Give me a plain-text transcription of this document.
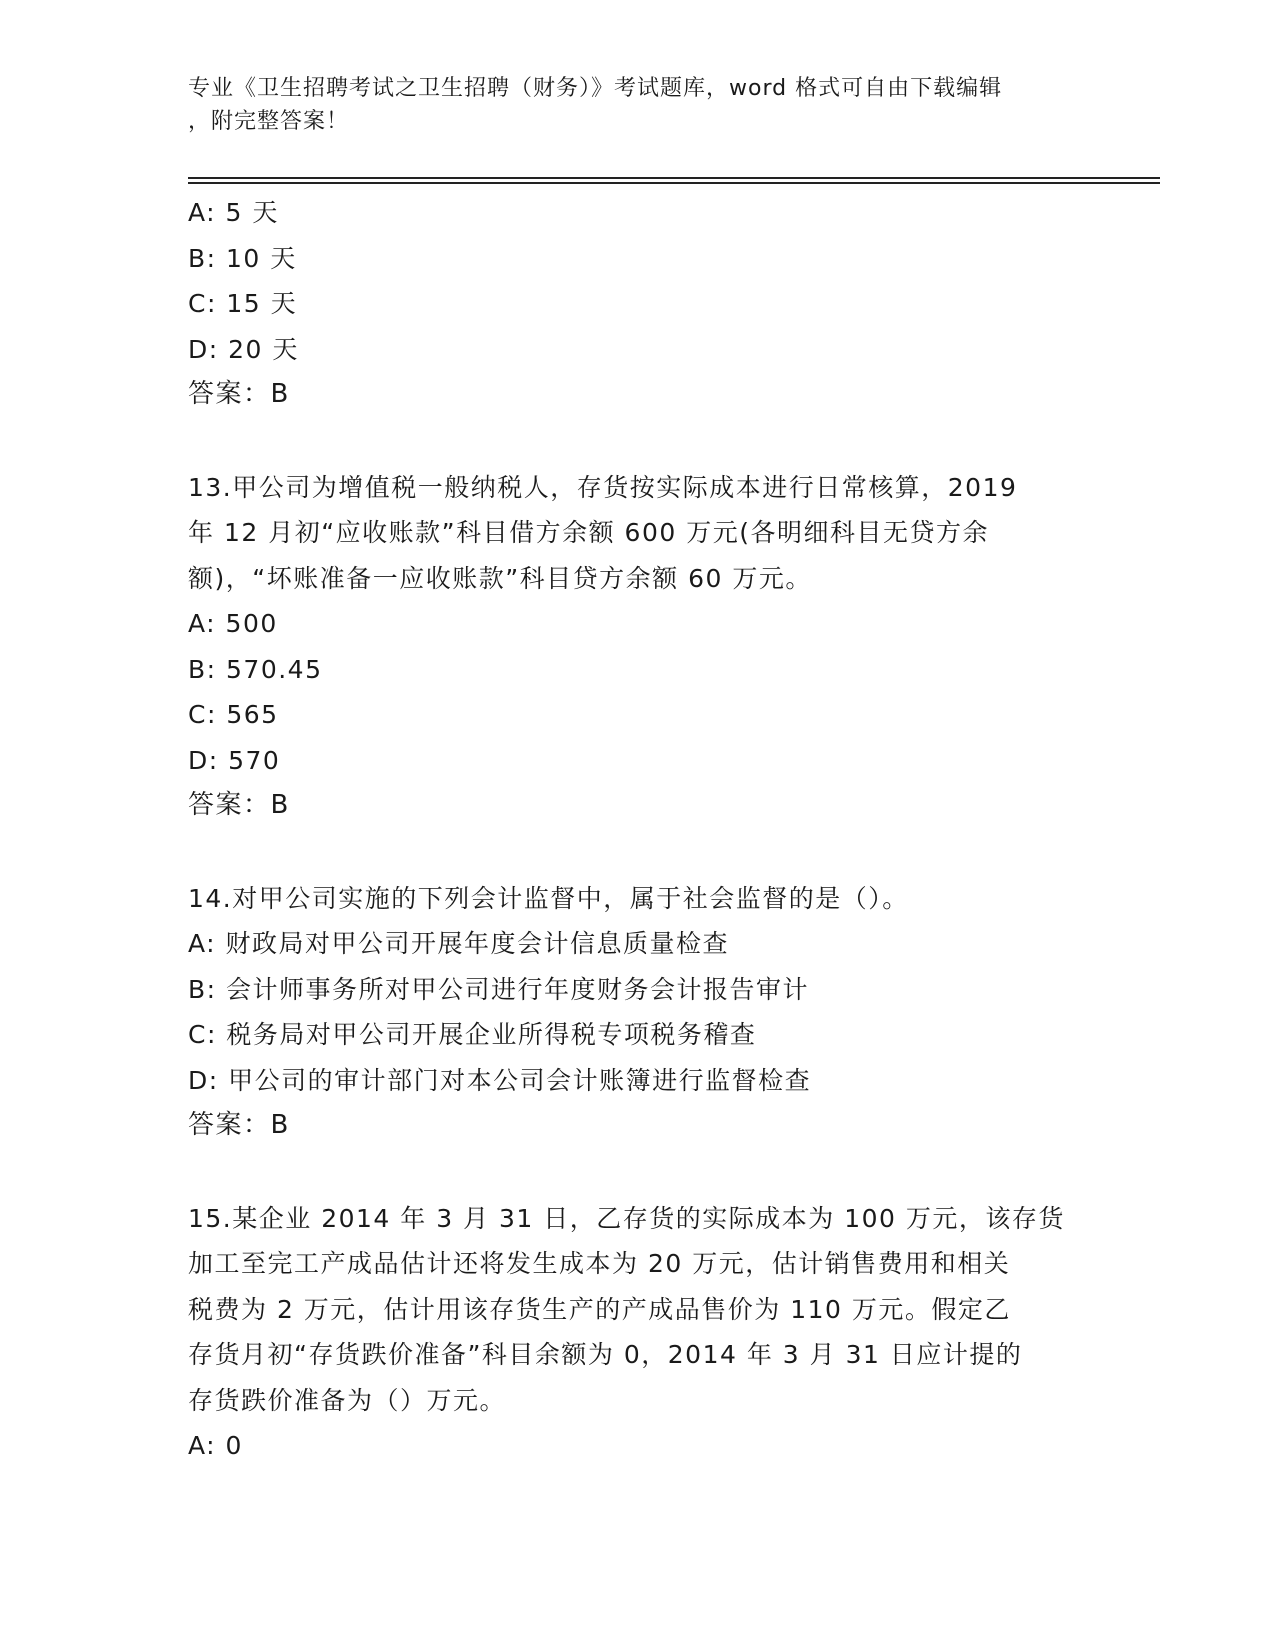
专业《卫生招聘考试之卫生招聘（财务）》考试题库，word 格式可自由下载编辑
，附完整答案！
A: 5 天
B: 10 天
C: 15 天
D: 20 天
答案：B
13.甲公司为增值税一般纳税人，存货按实际成本进行日常核算，2019
年 12 月初“应收账款”科目借方余额 600 万元(各明细科目无贷方余
额)，“坏账准备一应收账款”科目贷方余额 60 万元。
A: 500
B: 570.45
C: 565
D: 570
答案：B
14.对甲公司实施的下列会计监督中，属于社会监督的是（）。
A: 财政局对甲公司开展年度会计信息质量检查
B: 会计师事务所对甲公司进行年度财务会计报告审计
C: 税务局对甲公司开展企业所得税专项税务稽查
D: 甲公司的审计部门对本公司会计账簿进行监督检查
答案：B
15.某企业 2014 年 3 月 31 日，乙存货的实际成本为 100 万元，该存货
加工至完工产成品估计还将发生成本为 20 万元，估计销售费用和相关
税费为 2 万元，估计用该存货生产的产成品售价为 110 万元。假定乙
存货月初“存货跌价准备”科目余额为 0，2014 年 3 月 31 日应计提的
存货跌价准备为（）万元。
A: 0
